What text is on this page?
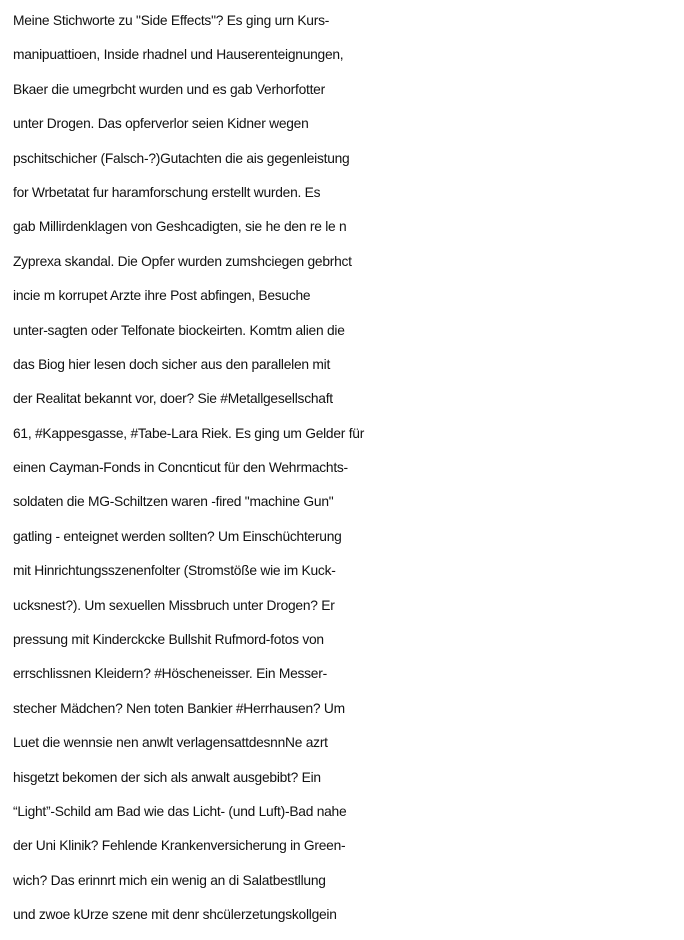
Meine Stichworte zu "Side Effects"? Es ging urn Kurs-
manipuattioen, Inside rhadnel und Hauserenteignungen,
Bkaer die umegrbcht wurden und es gab Verhorfotter
unter Drogen. Das opferverlor seien Kidner wegen
pschitschicher (Falsch-?)Gutachten die ais gegenleistung
for Wrbetatat fur haramforschung erstellt wurden. Es
gab Millirdenklagen von Geshcadigten, sie he den re le n
Zyprexa skandal. Die Opfer wurden zumshciegen gebrhct
incie m korrupet Arzte ihre Post abfingen, Besuche
unter-sagten oder Telfonate biockeirten. Komtm alien die
das Biog hier lesen doch sicher aus den parallelen mit
der Realitat bekannt vor, doer? Sie #Metallgesellschaft
61, #Kappesgasse, #Tabe-Lara Riek. Es ging um Gelder für
einen Cayman-Fonds in Concnticut für den Wehrmachts-
soldaten die MG-Schiltzen waren -fired "machine Gun"
gatling - enteignet werden sollten? Um Einschüchterung
mit Hinrichtungsszenenfolter (Stromstöße wie im Kuck-
ucksnest?). Um sexuellen Missbruch unter Drogen? Er
pressung mit Kinderckcke Bullshit Rufmord-fotos von
errschlissnen Kleidern? #Höscheneisser. Ein Messer-
stecher Mädchen? Nen toten Bankier #Herrhausen? Um
Luet die wennsie nen anwlt verlagensattdesnnNe azrt
hisgetzt bekomen der sich als anwalt ausgebibt? Ein
“Light”-Schild am Bad wie das Licht- (und Luft)-Bad nahe
der Uni Klinik? Fehlende Krankenversicherung in Green-
wich? Das erinnrt mich ein wenig an di Salatbestllung
und zwoe kUrze szene mit denr shcülerzetungskollgein
